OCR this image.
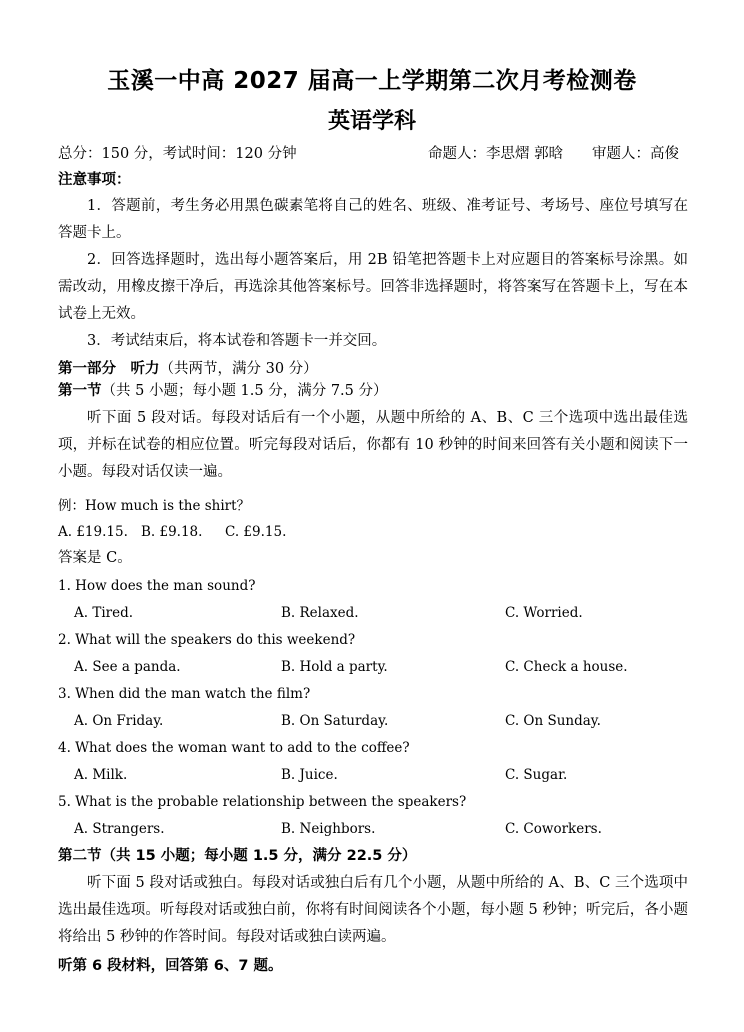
玉溪一中高 2027 届高一上学期第二次月考检测卷
英语学科
总分：150 分，考试时间：120 分钟	命题人：李思熠 郭晗 审题人：高俊
注意事项：
1．答题前，考生务必用黑色碳素笔将自己的姓名、班级、准考证号、考场号、座位号填写在答题卡上。
2．回答选择题时，选出每小题答案后，用 2B 铅笔把答题卡上对应题目的答案标号涂黑。如需改动，用橡皮擦干净后，再选涂其他答案标号。回答非选择题时，将答案写在答题卡上，写在本试卷上无效。
3．考试结束后，将本试卷和答题卡一并交回。
第一部分　听力（共两节，满分 30 分）
第一节（共 5 小题；每小题 1.5 分，满分 7.5 分）
听下面 5 段对话。每段对话后有一个小题，从题中所给的 A、B、C 三个选项中选出最佳选项，并标在试卷的相应位置。听完每段对话后，你都有 10 秒钟的时间来回答有关小题和阅读下一小题。每段对话仅读一遍。
例：How much is the shirt？
A. £19.15. B. £9.18. C. £9.15.
答案是 C。
1. How does the man sound?
A. Tired.	B. Relaxed.	C. Worried.
2. What will the speakers do this weekend?
A. See a panda.	B. Hold a party.	C. Check a house.
3. When did the man watch the film?
A. On Friday.	B. On Saturday.	C. On Sunday.
4. What does the woman want to add to the coffee?
A. Milk.	B. Juice.	C. Sugar.
5. What is the probable relationship between the speakers?
A. Strangers.	B. Neighbors.	C. Coworkers.
第二节（共 15 小题；每小题 1.5 分，满分 22.5 分）
听下面 5 段对话或独白。每段对话或独白后有几个小题，从题中所给的 A、B、C 三个选项中选出最佳选项。听每段对话或独白前，你将有时间阅读各个小题，每小题 5 秒钟；听完后，各小题将给出 5 秒钟的作答时间。每段对话或独白读两遍。
听第 6 段材料，回答第 6、7 题。
